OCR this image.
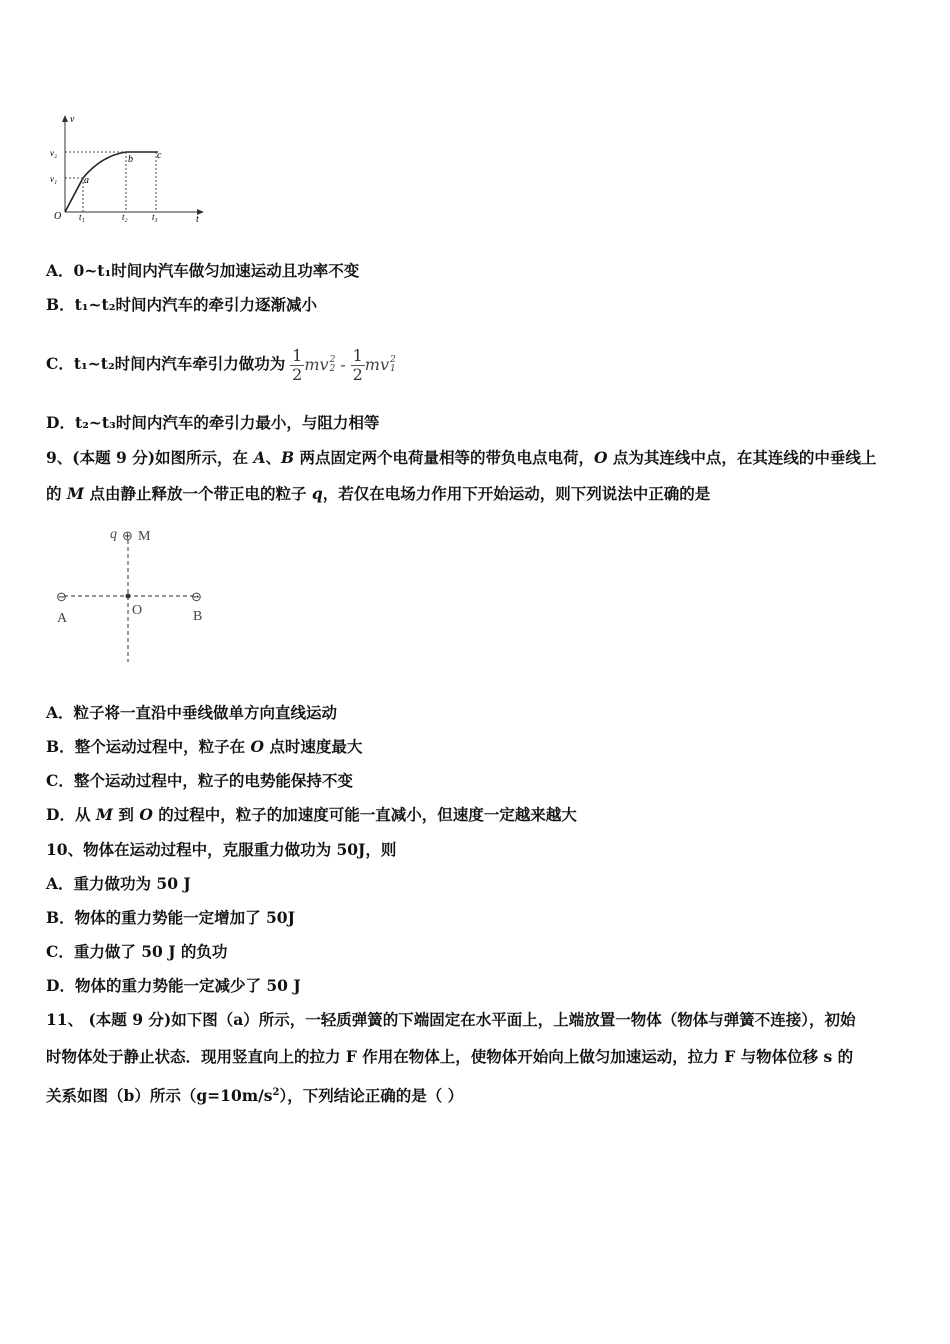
v
t
O
v₂
v₁
t₁	t₂	t₃
a
b c
A．0~t₁时间内汽车做匀加速运动且功率不变
B．t₁~t₂时间内汽车的牵引力逐渐减小
C．t₁~t₂时间内汽车牵引力做功为 $\frac{1}{2}$ mv 2
$2 - \frac{1}{2}$ mv 2
1
D．t₂~t₃时间内汽车的牵引力最小，与阻力相等
9、(本题 9 分)如图所示，在 A、B 两点固定两个电荷量相等的带负电点电荷，O 点为其连线中点，在其连线的中垂线上
的 M 点由静止释放一个带正电的粒子 q，若仅在电场力作用下开始运动，则下列说法中正确的是
⊕
q M
⊖	⊖
A
O	B
A．粒子将一直沿中垂线做单方向直线运动
B．整个运动过程中，粒子在 O 点时速度最大
C．整个运动过程中，粒子的电势能保持不变
D．从 M 到 O 的过程中，粒子的加速度可能一直减小，但速度一定越来越大
10、物体在运动过程中，克服重力做功为 50J，则
A．重力做功为 50 J
B．物体的重力势能一定增加了 50J
C．重力做了 50 J 的负功
D．物体的重力势能一定减少了 50 J
11、 (本题 9 分)如下图（a）所示，一轻质弹簧的下端固定在水平面上，上端放置一物体（物体与弹簧不连接），初始
时物体处于静止状态．现用竖直向上的拉力 F 作用在物体上，使物体开始向上做匀加速运动，拉力 F 与物体位移 s 的
关系如图（b）所示$(g=10m/s^2)$，下列结论正确的是（ ）
